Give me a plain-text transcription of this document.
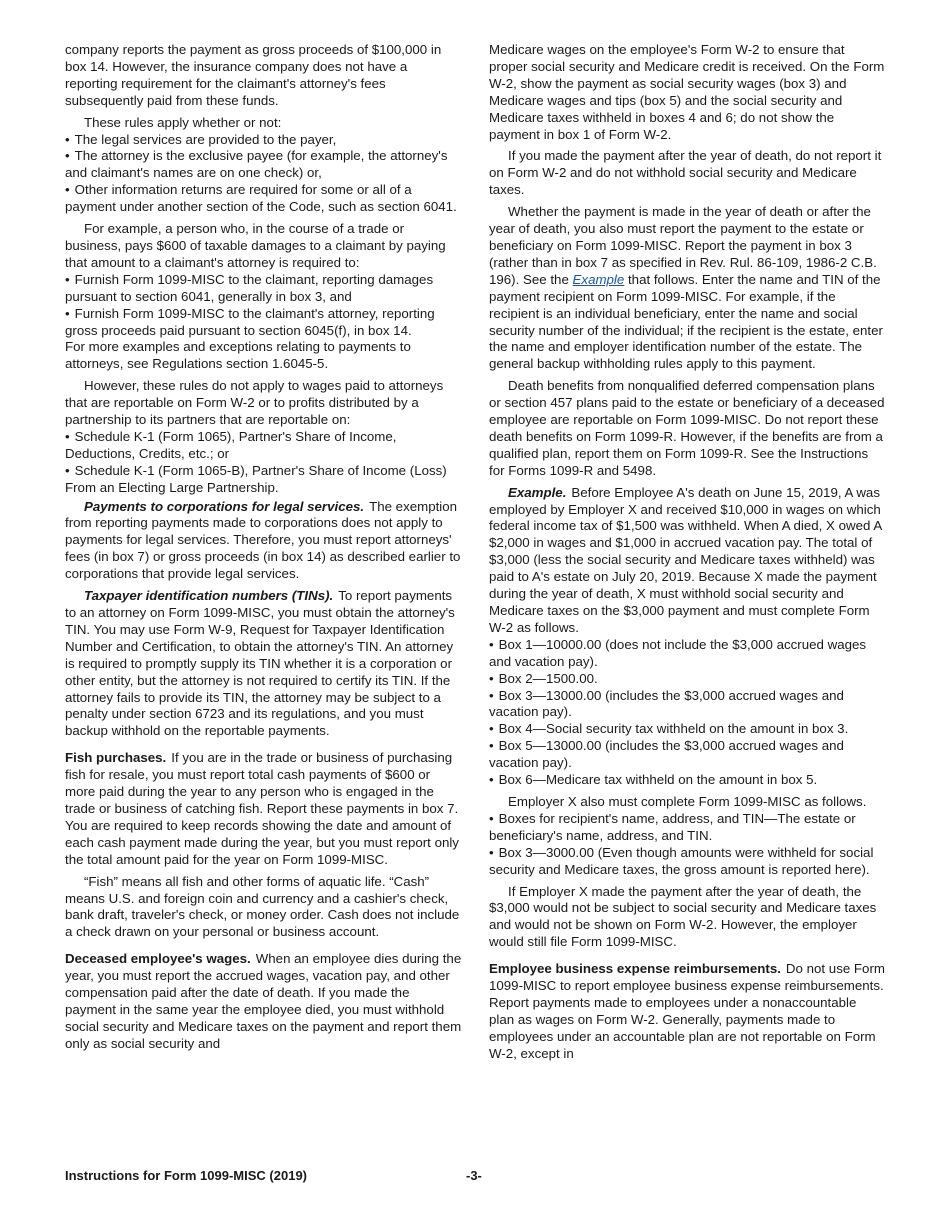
company reports the payment as gross proceeds of $100,000 in box 14. However, the insurance company does not have a reporting requirement for the claimant's attorney's fees subsequently paid from these funds.

These rules apply whether or not:

• The legal services are provided to the payer,
• The attorney is the exclusive payee (for example, the attorney's and claimant's names are on one check) or,
• Other information returns are required for some or all of a payment under another section of the Code, such as section 6041.

For example, a person who, in the course of a trade or business, pays $600 of taxable damages to a claimant by paying that amount to a claimant's attorney is required to:

• Furnish Form 1099-MISC to the claimant, reporting damages pursuant to section 6041, generally in box 3, and
• Furnish Form 1099-MISC to the claimant's attorney, reporting gross proceeds paid pursuant to section 6045(f), in box 14.

For more examples and exceptions relating to payments to attorneys, see Regulations section 1.6045-5.

However, these rules do not apply to wages paid to attorneys that are reportable on Form W-2 or to profits distributed by a partnership to its partners that are reportable on:

• Schedule K-1 (Form 1065), Partner's Share of Income, Deductions, Credits, etc.; or
• Schedule K-1 (Form 1065-B), Partner's Share of Income (Loss) From an Electing Large Partnership.

Payments to corporations for legal services. The exemption from reporting payments made to corporations does not apply to payments for legal services. Therefore, you must report attorneys' fees (in box 7) or gross proceeds (in box 14) as described earlier to corporations that provide legal services.

Taxpayer identification numbers (TINs). To report payments to an attorney on Form 1099-MISC, you must obtain the attorney's TIN. You may use Form W-9, Request for Taxpayer Identification Number and Certification, to obtain the attorney's TIN. An attorney is required to promptly supply its TIN whether it is a corporation or other entity, but the attorney is not required to certify its TIN. If the attorney fails to provide its TIN, the attorney may be subject to a penalty under section 6723 and its regulations, and you must backup withhold on the reportable payments.

Fish purchases. If you are in the trade or business of purchasing fish for resale, you must report total cash payments of $600 or more paid during the year to any person who is engaged in the trade or business of catching fish. Report these payments in box 7. You are required to keep records showing the date and amount of each cash payment made during the year, but you must report only the total amount paid for the year on Form 1099-MISC.

“Fish” means all fish and other forms of aquatic life. “Cash” means U.S. and foreign coin and currency and a cashier's check, bank draft, traveler's check, or money order. Cash does not include a check drawn on your personal or business account.

Deceased employee's wages. When an employee dies during the year, you must report the accrued wages, vacation pay, and other compensation paid after the date of death. If you made the payment in the same year the employee died, you must withhold social security and Medicare taxes on the payment and report them only as social security and

Medicare wages on the employee's Form W-2 to ensure that proper social security and Medicare credit is received. On the Form W-2, show the payment as social security wages (box 3) and Medicare wages and tips (box 5) and the social security and Medicare taxes withheld in boxes 4 and 6; do not show the payment in box 1 of Form W-2.

If you made the payment after the year of death, do not report it on Form W-2 and do not withhold social security and Medicare taxes.

Whether the payment is made in the year of death or after the year of death, you also must report the payment to the estate or beneficiary on Form 1099-MISC. Report the payment in box 3 (rather than in box 7 as specified in Rev. Rul. 86-109, 1986-2 C.B. 196). See the Example that follows. Enter the name and TIN of the payment recipient on Form 1099-MISC. For example, if the recipient is an individual beneficiary, enter the name and social security number of the individual; if the recipient is the estate, enter the name and employer identification number of the estate. The general backup withholding rules apply to this payment.

Death benefits from nonqualified deferred compensation plans or section 457 plans paid to the estate or beneficiary of a deceased employee are reportable on Form 1099-MISC. Do not report these death benefits on Form 1099-R. However, if the benefits are from a qualified plan, report them on Form 1099-R. See the Instructions for Forms 1099-R and 5498.

Example. Before Employee A's death on June 15, 2019, A was employed by Employer X and received $10,000 in wages on which federal income tax of $1,500 was withheld. When A died, X owed A $2,000 in wages and $1,000 in accrued vacation pay. The total of $3,000 (less the social security and Medicare taxes withheld) was paid to A's estate on July 20, 2019. Because X made the payment during the year of death, X must withhold social security and Medicare taxes on the $3,000 payment and must complete Form W-2 as follows.

• Box 1—10000.00 (does not include the $3,000 accrued wages and vacation pay).
• Box 2—1500.00.
• Box 3—13000.00 (includes the $3,000 accrued wages and vacation pay).
• Box 4—Social security tax withheld on the amount in box 3.
• Box 5—13000.00 (includes the $3,000 accrued wages and vacation pay).
• Box 6—Medicare tax withheld on the amount in box 5.

Employer X also must complete Form 1099-MISC as follows.

• Boxes for recipient's name, address, and TIN—The estate or beneficiary's name, address, and TIN.
• Box 3—3000.00 (Even though amounts were withheld for social security and Medicare taxes, the gross amount is reported here).

If Employer X made the payment after the year of death, the $3,000 would not be subject to social security and Medicare taxes and would not be shown on Form W-2. However, the employer would still file Form 1099-MISC.

Employee business expense reimbursements. Do not use Form 1099-MISC to report employee business expense reimbursements. Report payments made to employees under a nonaccountable plan as wages on Form W-2. Generally, payments made to employees under an accountable plan are not reportable on Form W-2, except in

Instructions for Form 1099-MISC (2019)	-3-
